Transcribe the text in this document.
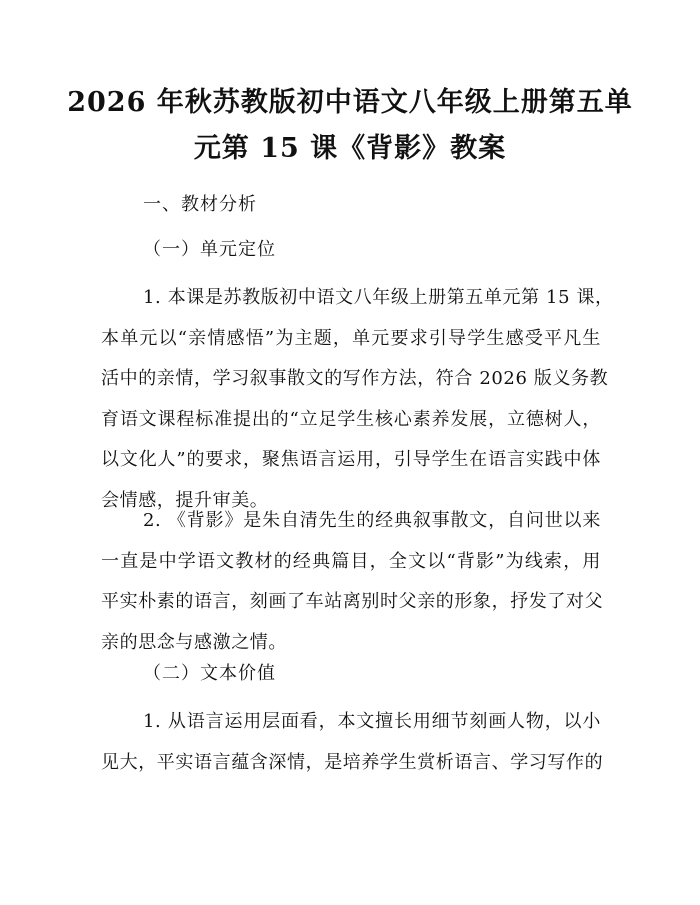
2026 年秋苏教版初中语文八年级上册第五单
元第 15 课《背影》教案

一、教材分析

（一）单元定位

1. 本课是苏教版初中语文八年级上册第五单元第 15 课，
本单元以“亲情感悟”为主题，单元要求引导学生感受平凡生
活中的亲情，学习叙事散文的写作方法，符合 2026 版义务教
育语文课程标准提出的“立足学生核心素养发展，立德树人，
以文化人”的要求，聚焦语言运用，引导学生在语言实践中体
会情感，提升审美。
2. 《背影》是朱自清先生的经典叙事散文，自问世以来
一直是中学语文教材的经典篇目，全文以“背影”为线索，用
平实朴素的语言，刻画了车站离别时父亲的形象，抒发了对父
亲的思念与感激之情。

（二）文本价值

1. 从语言运用层面看，本文擅长用细节刻画人物，以小
见大，平实语言蕴含深情，是培养学生赏析语言、学习写作的
